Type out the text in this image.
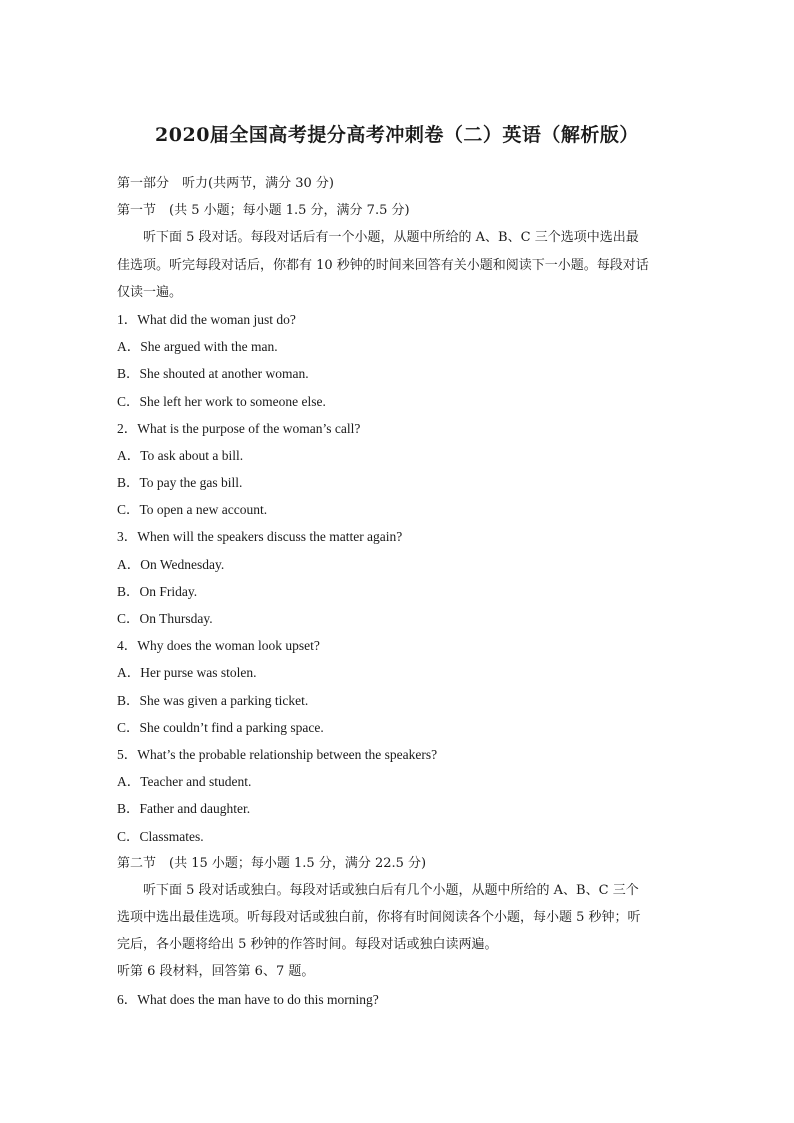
2020届全国高考提分高考冲刺卷（二）英语（解析版）
第一部分　听力(共两节，满分 30 分)
第一节　(共 5 小题；每小题 1.5 分，满分 7.5 分)
听下面 5 段对话。每段对话后有一个小题，从题中所给的 A、B、C 三个选项中选出最
佳选项。听完每段对话后，你都有 10 秒钟的时间来回答有关小题和阅读下一小题。每段对话
仅读一遍。
1．What did the woman just do?
A．She argued with the man.
B．She shouted at another woman.
C．She left her work to someone else.
2．What is the purpose of the woman’s call?
A．To ask about a bill.
B．To pay the gas bill.
C．To open a new account.
3．When will the speakers discuss the matter again?
A．On Wednesday.
B．On Friday.
C．On Thursday.
4．Why does the woman look upset?
A．Her purse was stolen.
B．She was given a parking ticket.
C．She couldn’t find a parking space.
5．What’s the probable relationship between the speakers?
A．Teacher and student.
B．Father and daughter.
C．Classmates.
第二节　(共 15 小题；每小题 1.5 分，满分 22.5 分)
听下面 5 段对话或独白。每段对话或独白后有几个小题，从题中所给的 A、B、C 三个
选项中选出最佳选项。听每段对话或独白前，你将有时间阅读各个小题，每小题 5 秒钟；听
完后，各小题将给出 5 秒钟的作答时间。每段对话或独白读两遍。
听第 6 段材料，回答第 6、7 题。
6．What does the man have to do this morning?
